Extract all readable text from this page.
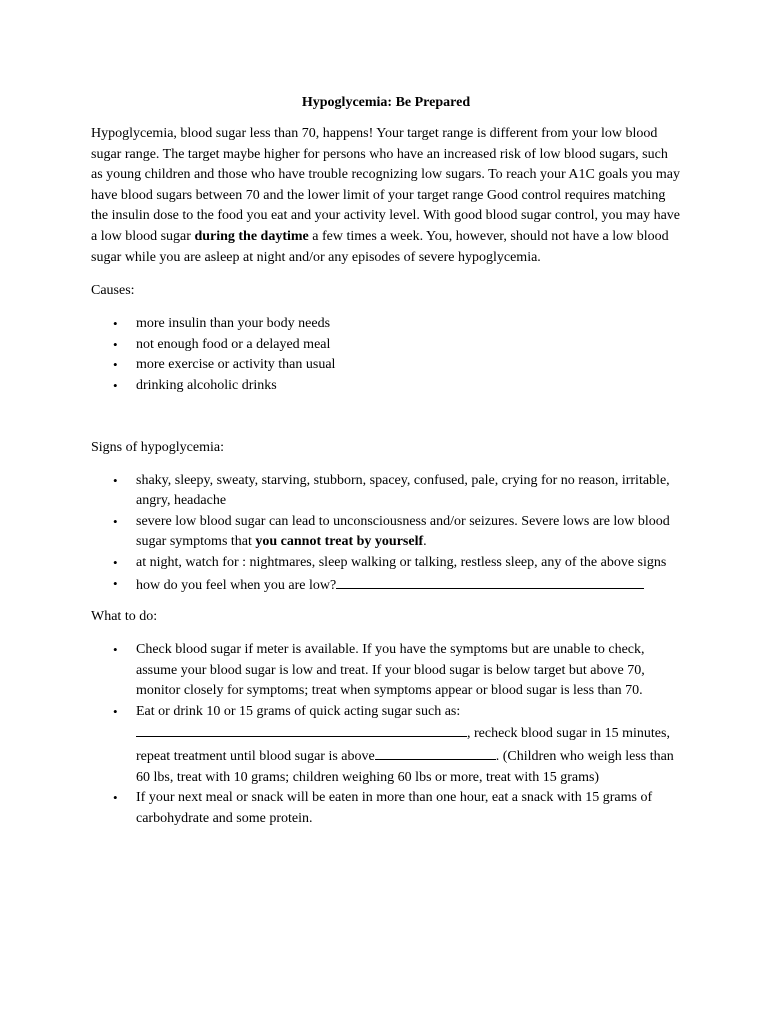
Hypoglycemia: Be Prepared

Hypoglycemia, blood sugar less than 70, happens! Your target range is different from your low blood sugar range. The target maybe higher for persons who have an increased risk of low blood sugars, such as young children and those who have trouble recognizing low sugars. To reach your A1C goals you may have blood sugars between 70 and the lower limit of your target range Good control requires matching the insulin dose to the food you eat and your activity level. With good blood sugar control, you may have a low blood sugar during the daytime a few times a week. You, however, should not have a low blood sugar while you are asleep at night and/or any episodes of severe hypoglycemia.

Causes:

• more insulin than your body needs
• not enough food or a delayed meal
• more exercise or activity than usual
• drinking alcoholic drinks

Signs of hypoglycemia:

• shaky, sleepy, sweaty, starving, stubborn, spacey, confused, pale, crying for no reason, irritable, angry, headache
• severe low blood sugar can lead to unconsciousness and/or seizures. Severe lows are low blood sugar symptoms that you cannot treat by yourself.
• at night, watch for : nightmares, sleep walking or talking, restless sleep, any of the above signs
• how do you feel when you are low?

What to do:

• Check blood sugar if meter is available. If you have the symptoms but are unable to check, assume your blood sugar is low and treat. If your blood sugar is below target but above 70, monitor closely for symptoms; treat when symptoms appear or blood sugar is less than 70.
• Eat or drink 10 or 15 grams of quick acting sugar such as:
, recheck blood sugar in 15 minutes, repeat treatment until blood sugar is above	. (Children who weigh less than 60 lbs, treat with 10 grams; children weighing 60 lbs or more, treat with 15 grams)
• If your next meal or snack will be eaten in more than one hour, eat a snack with 15 grams of carbohydrate and some protein.
